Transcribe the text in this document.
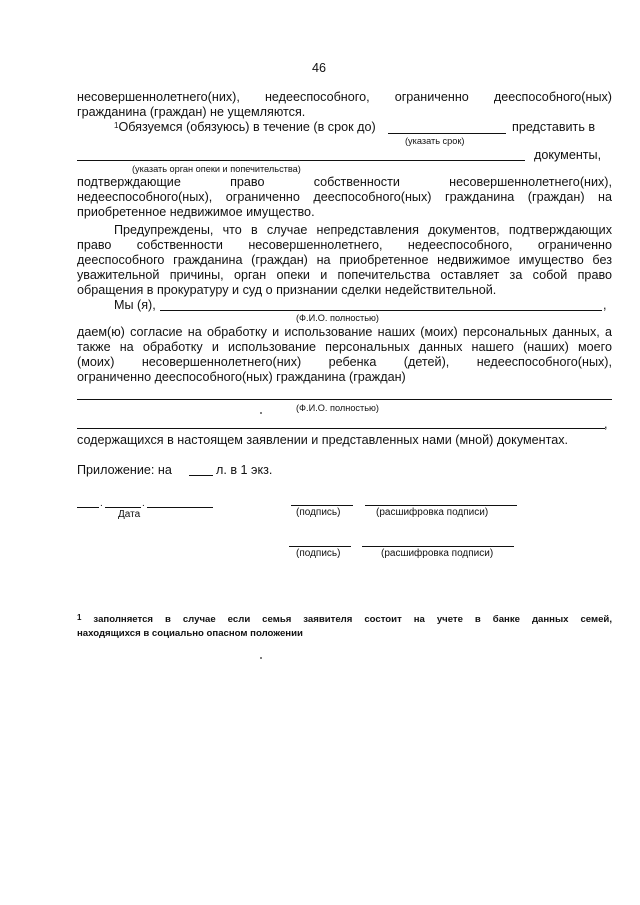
46
несовершеннолетнего(них), недееспособного, ограниченно дееспособного(ных)
гражданина (граждан) не ущемляются.
$^1$Обязуемся (обязуюсь) в течение (в срок до)	представить в
(указать срок)
документы,
(указать орган опеки и попечительства)
подтверждающие право собственности несовершеннолетнего(них),
недееспособного(ных), ограниченно дееспособного(ных) гражданина (граждан) на
приобретенное недвижимое имущество.
Предупреждены, что в случае непредставления документов, подтверждающих
право собственности несовершеннолетнего, недееспособного, ограниченно
дееспособного гражданина (граждан) на приобретенное недвижимое имущество без
уважительной причины, орган опеки и попечительства оставляет за собой право
обращения в прокуратуру и суд о признании сделки недействительной.
Мы (я),	,
(Ф.И.О. полностью)
даем(ю) согласие на обработку и использование наших (моих) персональных данных, а
также на обработку и использование персональных данных нашего (наших) моего
(моих) несовершеннолетнего(них) ребенка (детей), недееспособного(ных),
ограниченно дееспособного(ных) гражданина (граждан)
(Ф.И.О. полностью)
,
содержащихся в настоящем заявлении и представленных нами (мной) документах.
Приложение: на	л. в 1 экз.
.	.
Дата	(подпись)	(расшифровка подписи)
(подпись)	(расшифровка подписи)
$^1$ заполняется в случае если семья заявителя состоит на учете в банке данных семей,
находящихся в социально опасном положении
